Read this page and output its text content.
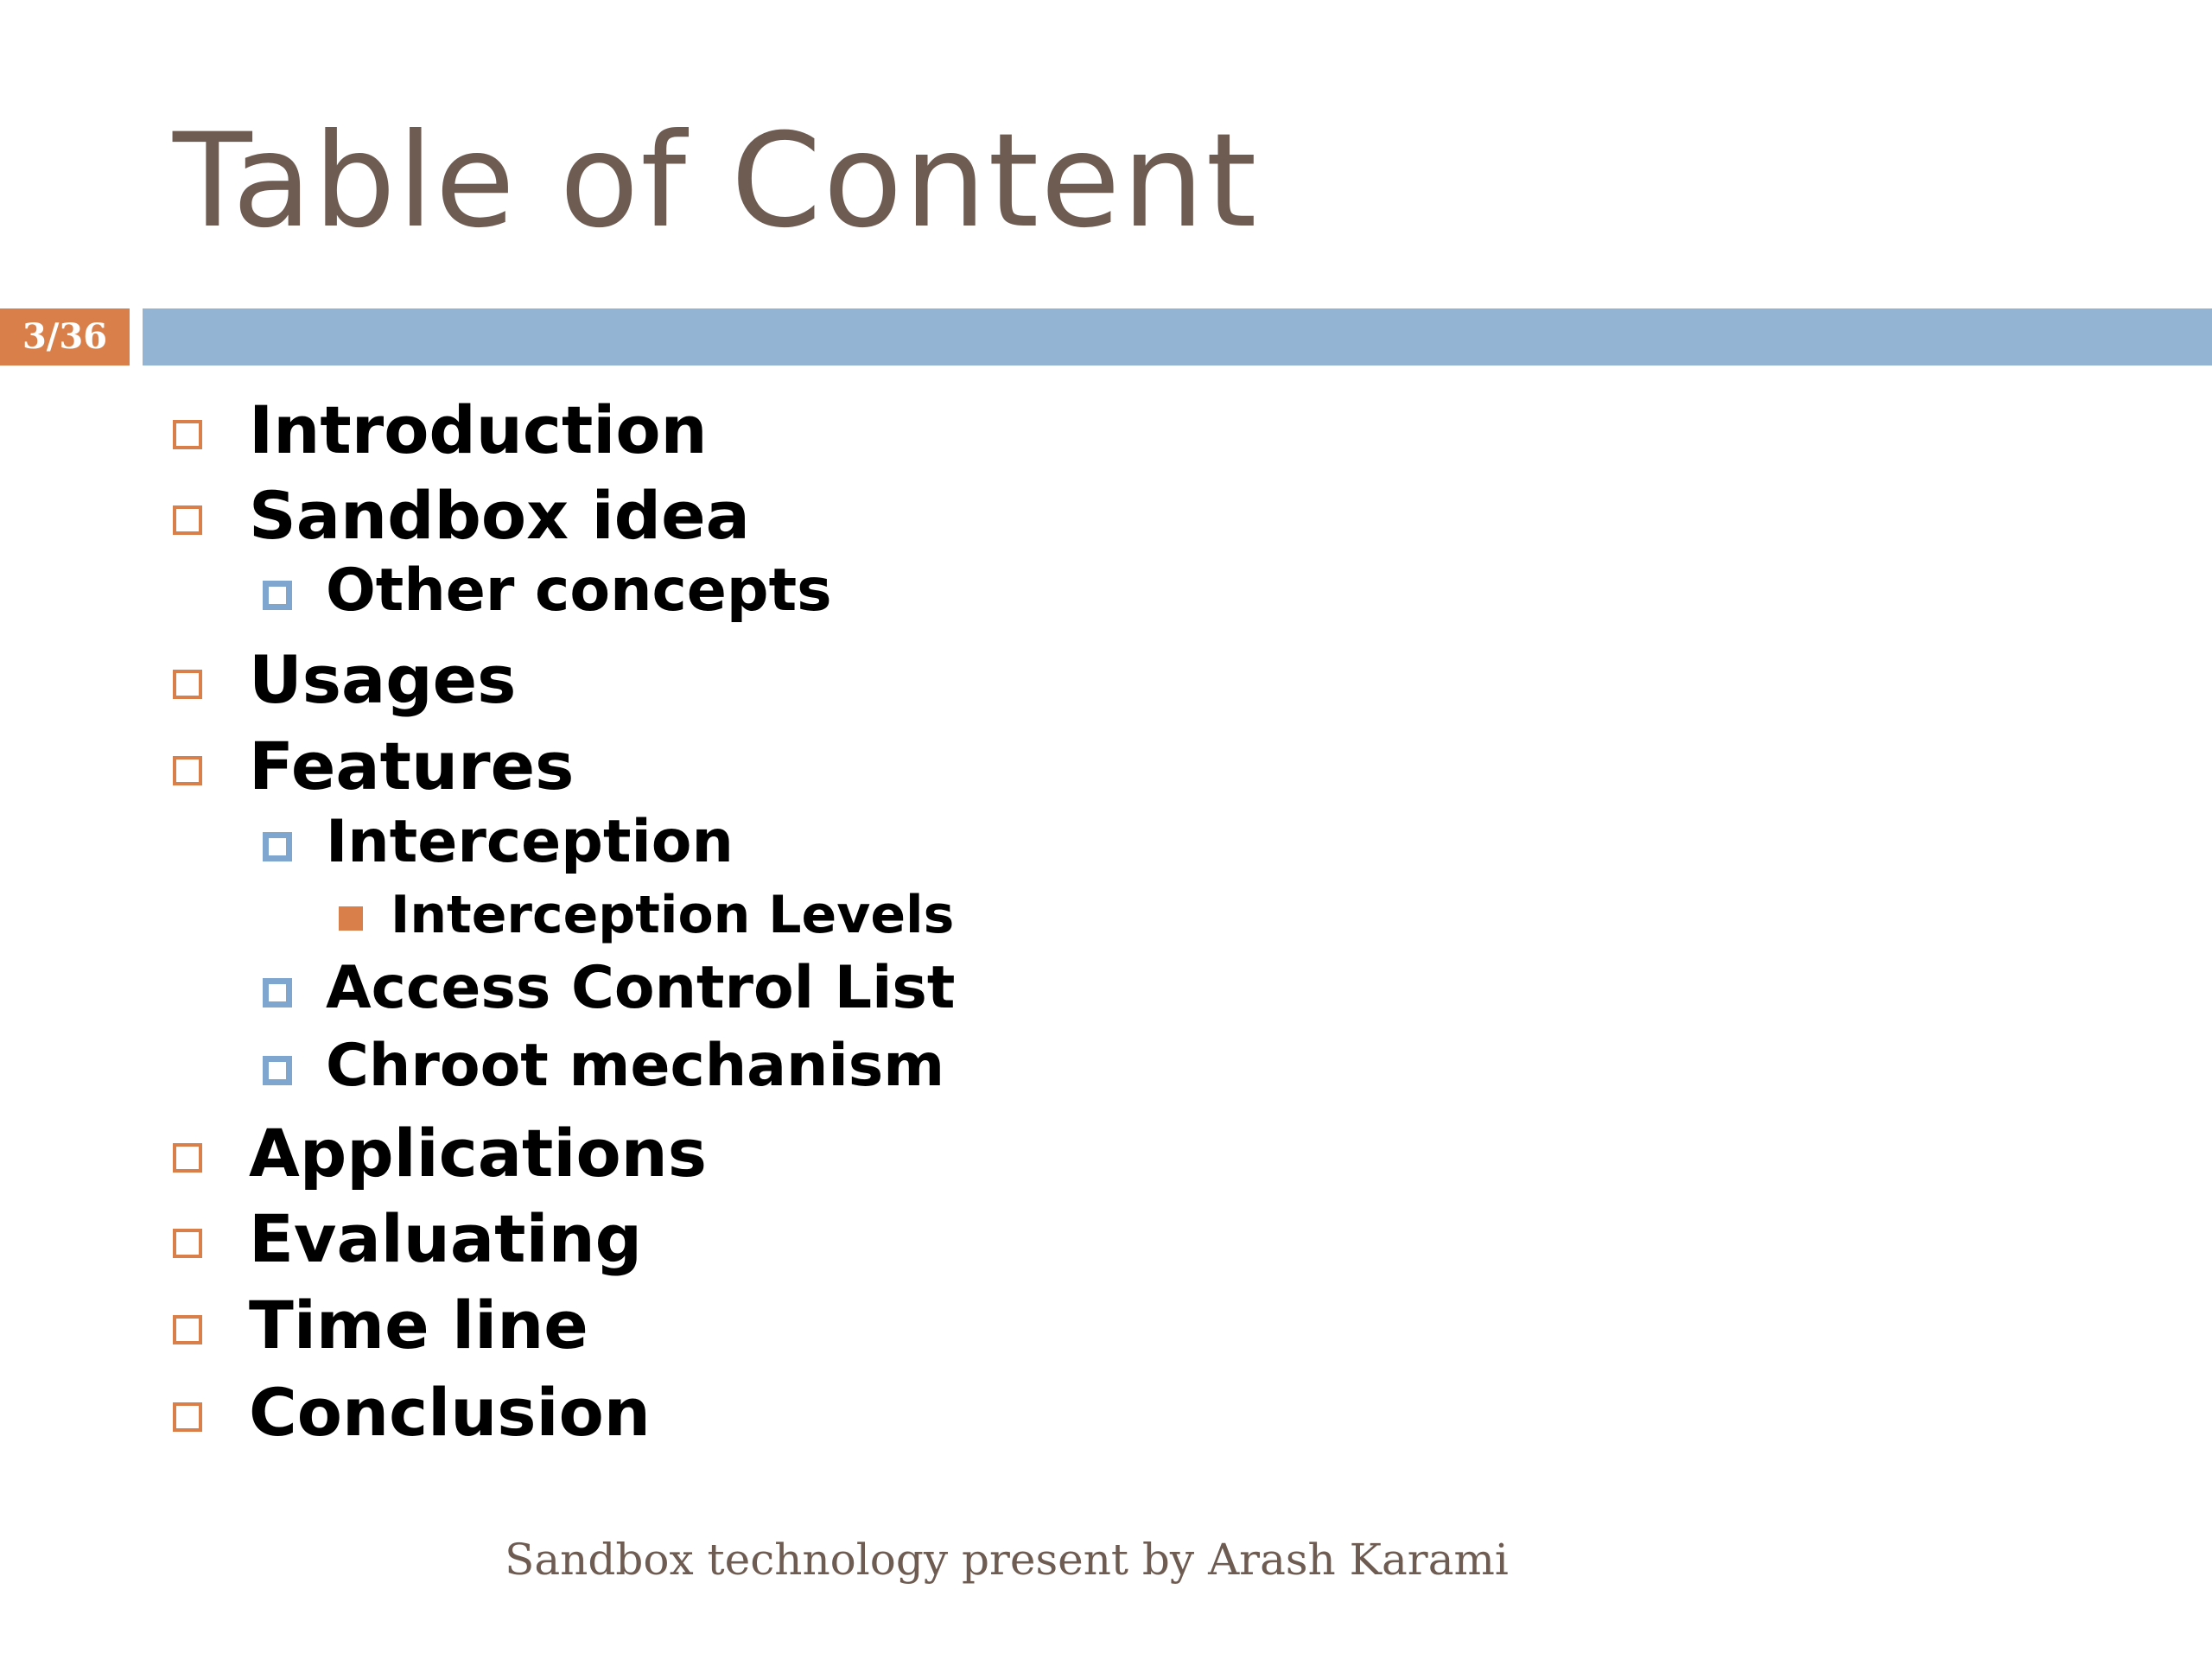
Table of Content
3/36
Introduction
Sandbox idea
Other concepts
Usages
Features
Interception
Interception Levels
Access Control List
Chroot mechanism
Applications
Evaluating
Time line
Conclusion
Sandbox technology present by Arash Karami
